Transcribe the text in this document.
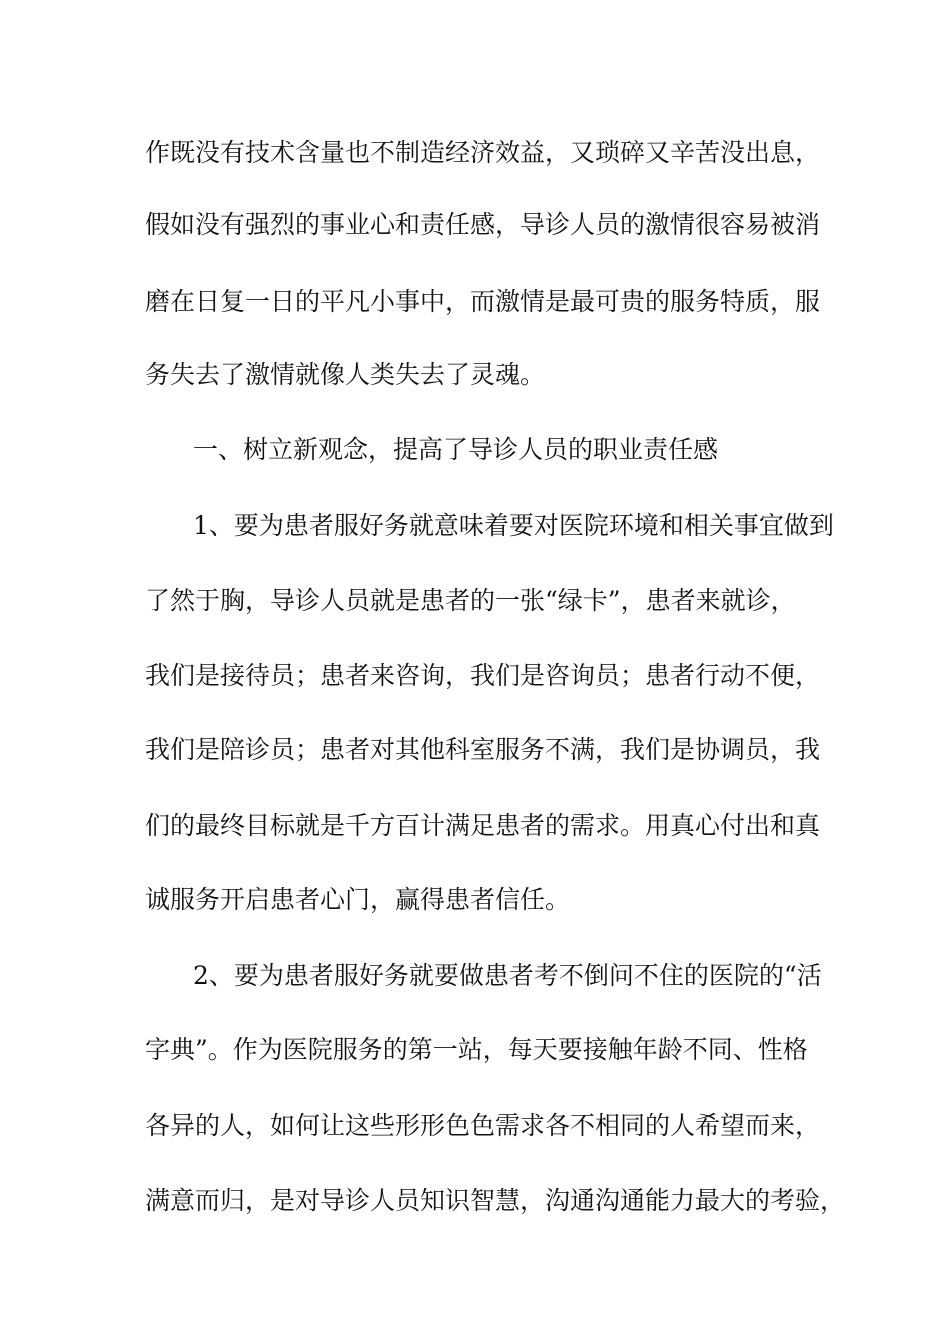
作既没有技术含量也不制造经济效益，又琐碎又辛苦没出息，
假如没有强烈的事业心和责任感，导诊人员的激情很容易被消
磨在日复一日的平凡小事中，而激情是最可贵的服务特质，服
务失去了激情就像人类失去了灵魂。
一、树立新观念，提高了导诊人员的职业责任感
1、要为患者服好务就意味着要对医院环境和相关事宜做到
了然于胸，导诊人员就是患者的一张“绿卡”，患者来就诊，
我们是接待员；患者来咨询，我们是咨询员；患者行动不便，
我们是陪诊员；患者对其他科室服务不满，我们是协调员，我
们的最终目标就是千方百计满足患者的需求。用真心付出和真
诚服务开启患者心门，赢得患者信任。
2、要为患者服好务就要做患者考不倒问不住的医院的“活
字典”。作为医院服务的第一站，每天要接触年龄不同、性格
各异的人，如何让这些形形色色需求各不相同的人希望而来，
满意而归，是对导诊人员知识智慧，沟通沟通能力最大的考验，
